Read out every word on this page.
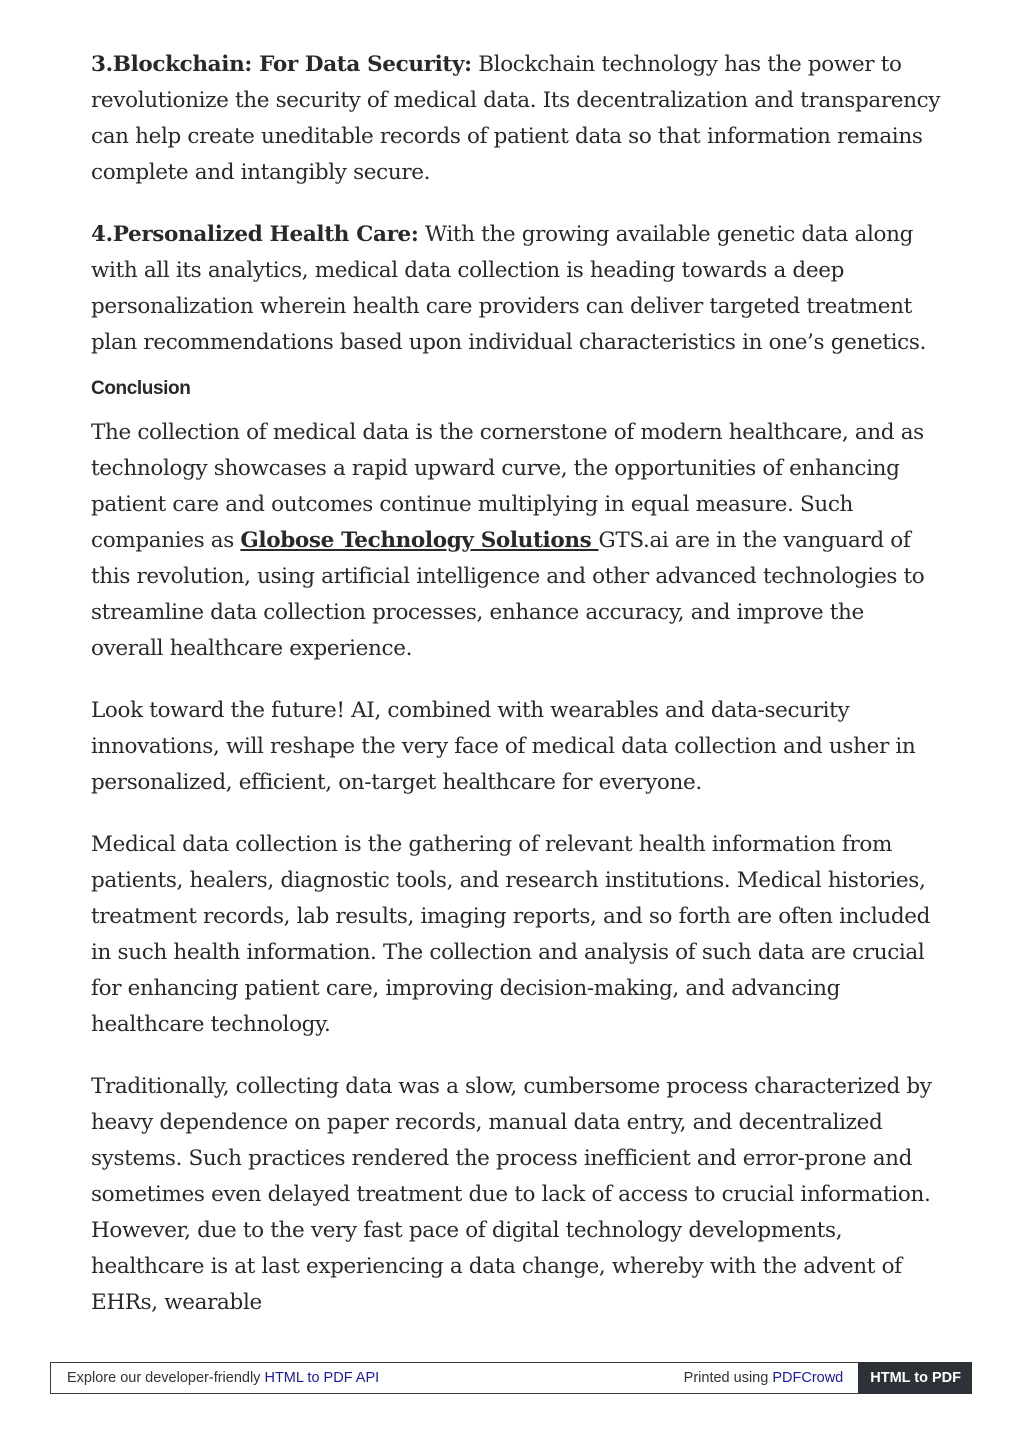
3.Blockchain: For Data Security: Blockchain technology has the power to revolutionize the security of medical data. Its decentralization and transparency can help create uneditable records of patient data so that information remains complete and intangibly secure.

4.Personalized Health Care: With the growing available genetic data along with all its analytics, medical data collection is heading towards a deep personalization wherein health care providers can deliver targeted treatment plan recommendations based upon individual characteristics in one’s genetics.

Conclusion

The collection of medical data is the cornerstone of modern healthcare, and as technology showcases a rapid upward curve, the opportunities of enhancing patient care and outcomes continue multiplying in equal measure. Such companies as Globose Technology Solutions GTS.ai are in the vanguard of this revolution, using artificial intelligence and other advanced technologies to streamline data collection processes, enhance accuracy, and improve the overall healthcare experience.

Look toward the future! AI, combined with wearables and data-security innovations, will reshape the very face of medical data collection and usher in personalized, efficient, on-target healthcare for everyone.

Medical data collection is the gathering of relevant health information from patients, healers, diagnostic tools, and research institutions. Medical histories, treatment records, lab results, imaging reports, and so forth are often included in such health information. The collection and analysis of such data are crucial for enhancing patient care, improving decision-making, and advancing healthcare technology.

Traditionally, collecting data was a slow, cumbersome process characterized by heavy dependence on paper records, manual data entry, and decentralized systems. Such practices rendered the process inefficient and error-prone and sometimes even delayed treatment due to lack of access to crucial information. However, due to the very fast pace of digital technology developments, healthcare is at last experiencing a data change, whereby with the advent of EHRs, wearable

Explore our developer-friendly HTML to PDF API	Printed using PDFCrowd	HTML to PDF
